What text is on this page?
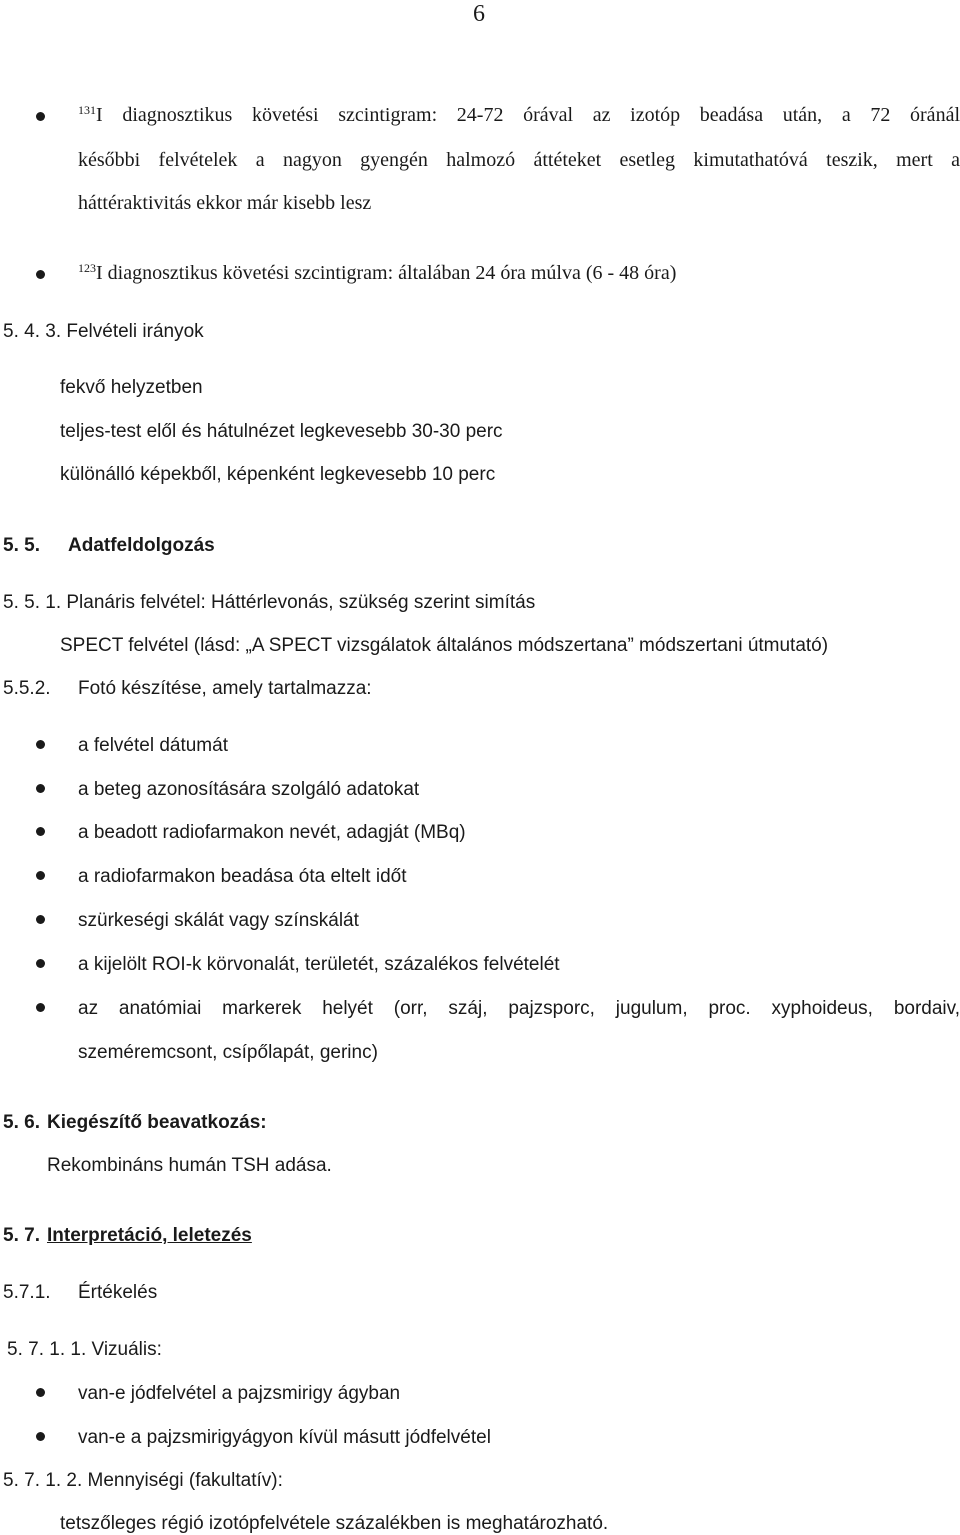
6
$^{131}$I diagnosztikus követési szcintigram: 24-72 órával az izotóp beadása után, a 72 óránál
későbbi felvételek a nagyon gyengén halmozó áttéteket esetleg kimutathatóvá teszik, mert a
háttéraktivitás ekkor már kisebb lesz
$^{123}$I diagnosztikus követési szcintigram: általában 24 óra múlva (6 - 48 óra)
5. 4. 3. Felvételi irányok
fekvő helyzetben
teljes-test elől és hátulnézet legkevesebb 30-30 perc
különálló képekből, képenként legkevesebb 10 perc
5. 5. Adatfeldolgozás
5. 5. 1. Planáris felvétel: Háttérlevonás, szükség szerint simítás
SPECT felvétel (lásd: „A SPECT vizsgálatok általános módszertana” módszertani útmutató)
5.5.2. Fotó készítése, amely tartalmazza:
a felvétel dátumát
a beteg azonosítására szolgáló adatokat
a beadott radiofarmakon nevét, adagját (MBq)
a radiofarmakon beadása óta eltelt időt
szürkeségi skálát vagy színskálát
a kijelölt ROI-k körvonalát, területét, százalékos felvételét
az anatómiai markerek helyét (orr, száj, pajzsporc, jugulum, proc. xyphoideus, bordaiv,
szeméremcsont, csípőlapát, gerinc)
5. 6. Kiegészítő beavatkozás:
Rekombináns humán TSH adása.
5. 7. Interpretáció, leletezés
5.7.1. Értékelés
5. 7. 1. 1. Vizuális:
van-e jódfelvétel a pajzsmirigy ágyban
van-e a pajzsmirigyágyon kívül másutt jódfelvétel
5. 7. 1. 2. Mennyiségi (fakultatív):
tetszőleges régió izotópfelvétele százalékben is meghatározható.
